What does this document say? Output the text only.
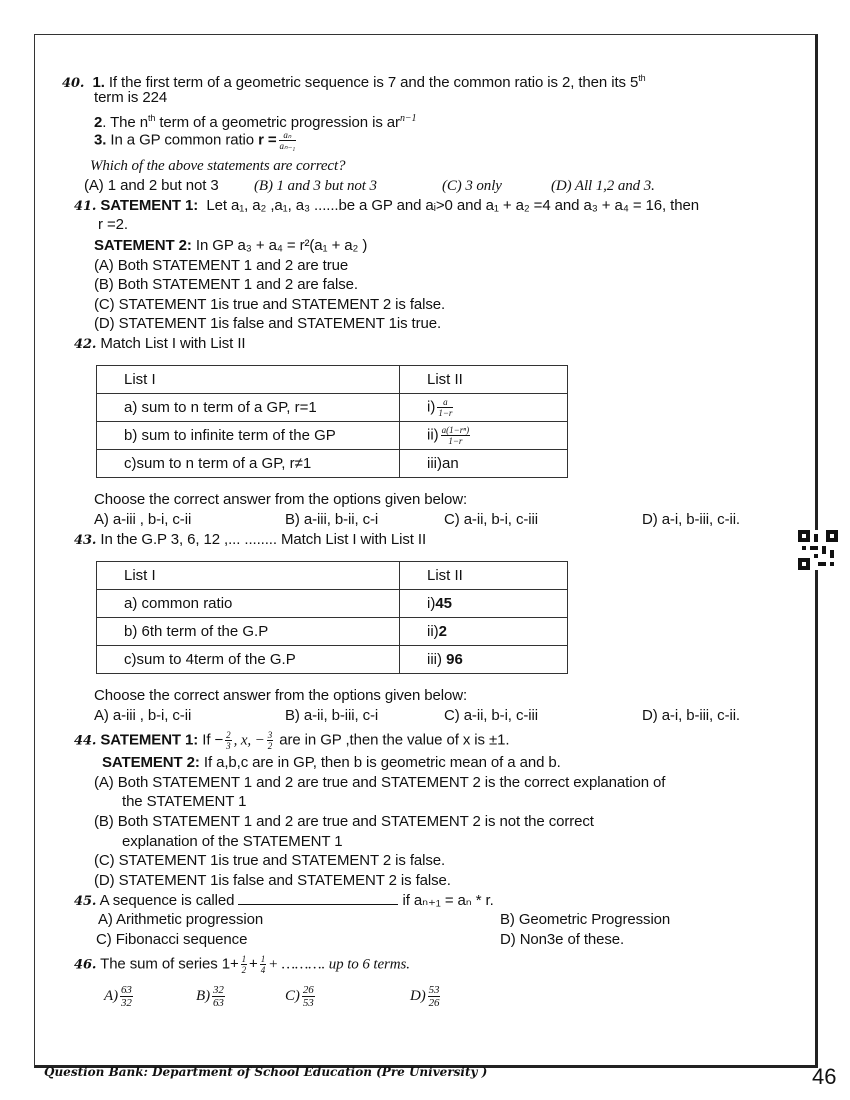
40. 1. If the first term of a geometric sequence is 7 and the common ratio is 2, then its 5th
term is 224
2. The $n^{th}$ term of a geometric progression is $ar^{n-1}$
3. In a GP common ratio $r = \frac{\text{aₙ}}{\text{aₙ₋₁}}$
Which of the above statements are correct?
(A) 1 and 2 but not 3 (B) 1 and 3 but not 3	(C) 3 only	(D) All 1,2 and 3.
41. SATEMENT 1: Let a₁, a₂ ,a₁, a₃ ......be a GP and aᵢ>0 and a₁ + a₂ =4 and a₃ + a₄ = 16, then
r =2.
SATEMENT 2: In GP a₃ + a₄ = r²(a₁ + a₂ )
(A) Both STATEMENT 1 and 2 are true
(B) Both STATEMENT 1 and 2 are false.
(C) STATEMENT 1is true and STATEMENT 2 is false.
(D) STATEMENT 1is false and STATEMENT 1is true.
42. Match List I with List II
List I	List II
a) sum to n term of a GP, r=1	$i) \frac{a}{1-r}$

b) sum to infinite term of the GP	$ii) \frac{\text{a(1−rⁿ)}}{1-r}$

c)sum to n term of a GP, r≠1	iii)an
Choose the correct answer from the options given below:
A) a-iii , b-i, c-ii	B) a-iii, b-ii, c-i	C) a-ii, b-i, c-iii	D) a-i, b-iii, c-ii.
43. In the G.P 3, 6, 12 ,... ........ Match List I with List II
List I	List II
a) common ratio	i)45
b) 6th term of the G.P	ii)2
c)sum to 4term of the G.P	iii) 96
Choose the correct answer from the options given below:
A) a-iii , b-i, c-ii	B) a-ii, b-iii, c-i	C) a-ii, b-i, c-iii	D) a-i, b-iii, c-ii.
44. SATEMENT 1: $If - \frac{2}{3}$ , x, − $\frac{3}{2}$ are in GP ,then the value of x is ±1.
SATEMENT 2: If a,b,c are in GP, then b is geometric mean of a and b.
(A) Both STATEMENT 1 and 2 are true and STATEMENT 2 is the correct explanation of
the STATEMENT 1
(B) Both STATEMENT 1 and 2 are true and STATEMENT 2 is not the correct
explanation of the STATEMENT 1
(C) STATEMENT 1is true and STATEMENT 2 is false.
(D) STATEMENT 1is false and STATEMENT 2 is false.
45. A sequence is called	if aₙ₊₁ = aₙ * r.
A) Arithmetic progression	B) Geometric Progression
C) Fibonacci sequence	D) Non3e of these.
46. The sum of series $1+ \frac{1}{2} + \frac{1}{4}$ + ………. up to 6 terms.
$A) \frac{63}{32}$	$B) \frac{32}{63}$	$C) \frac{26}{53}$	$D) \frac{53}{26}$
Question Bank: Department of School Education (Pre University )	46
